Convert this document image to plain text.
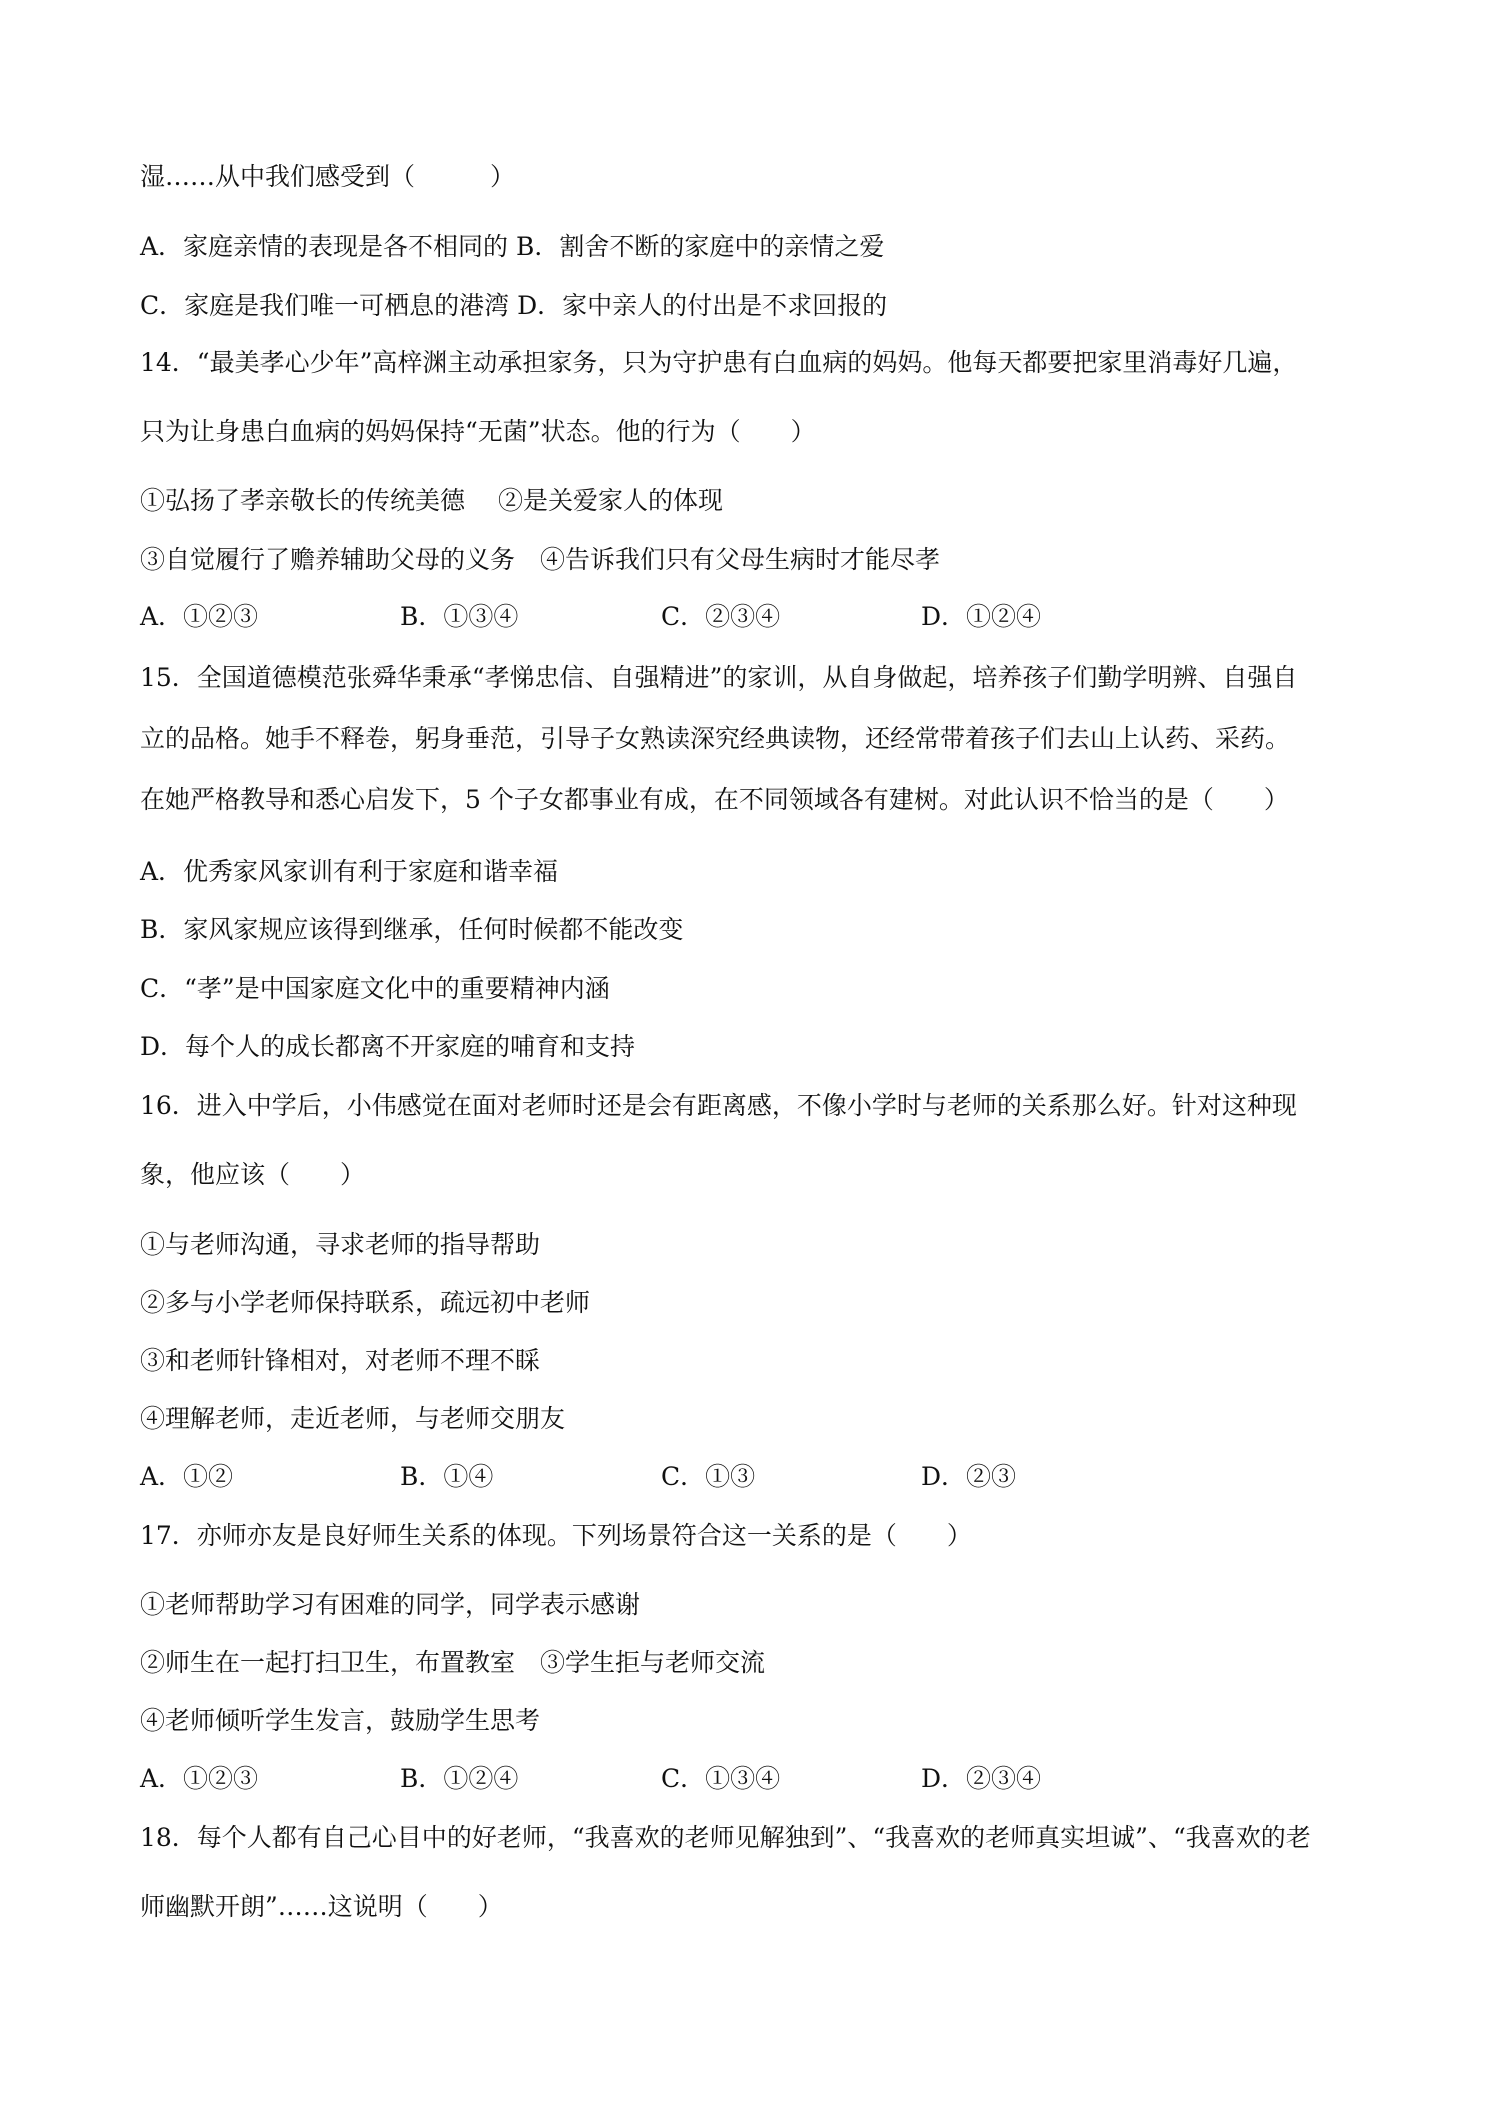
湿……从中我们感受到（　　　）
A．家庭亲情的表现是各不相同的 B．割舍不断的家庭中的亲情之爱
C．家庭是我们唯一可栖息的港湾 D．家中亲人的付出是不求回报的
14．“最美孝心少年”高梓渊主动承担家务，只为守护患有白血病的妈妈。他每天都要把家里消毒好几遍，
只为让身患白血病的妈妈保持“无菌”状态。他的行为（　　）
①弘扬了孝亲敬长的传统美德　 ②是关爱家人的体现
③自觉履行了赡养辅助父母的义务　④告诉我们只有父母生病时才能尽孝
A．①②③	B．①③④	C．②③④	D．①②④
15．全国道德模范张舜华秉承“孝悌忠信、自强精进”的家训，从自身做起，培养孩子们勤学明辨、自强自
立的品格。她手不释卷，躬身垂范，引导子女熟读深究经典读物，还经常带着孩子们去山上认药、采药。
在她严格教导和悉心启发下，5 个子女都事业有成，在不同领域各有建树。对此认识不恰当的是（　　）
A．优秀家风家训有利于家庭和谐幸福
B．家风家规应该得到继承，任何时候都不能改变
C．“孝”是中国家庭文化中的重要精神内涵
D．每个人的成长都离不开家庭的哺育和支持
16．进入中学后，小伟感觉在面对老师时还是会有距离感，不像小学时与老师的关系那么好。针对这种现
象，他应该（　　）
①与老师沟通，寻求老师的指导帮助
②多与小学老师保持联系，疏远初中老师
③和老师针锋相对，对老师不理不睬
④理解老师，走近老师，与老师交朋友
A．①②	B．①④	C．①③	D．②③
17．亦师亦友是良好师生关系的体现。下列场景符合这一关系的是（　　）
①老师帮助学习有困难的同学，同学表示感谢
②师生在一起打扫卫生，布置教室　③学生拒与老师交流
④老师倾听学生发言，鼓励学生思考
A．①②③	B．①②④	C．①③④	D．②③④
18．每个人都有自己心目中的好老师，“我喜欢的老师见解独到”、“我喜欢的老师真实坦诚”、“我喜欢的老
师幽默开朗”……这说明（　　）
